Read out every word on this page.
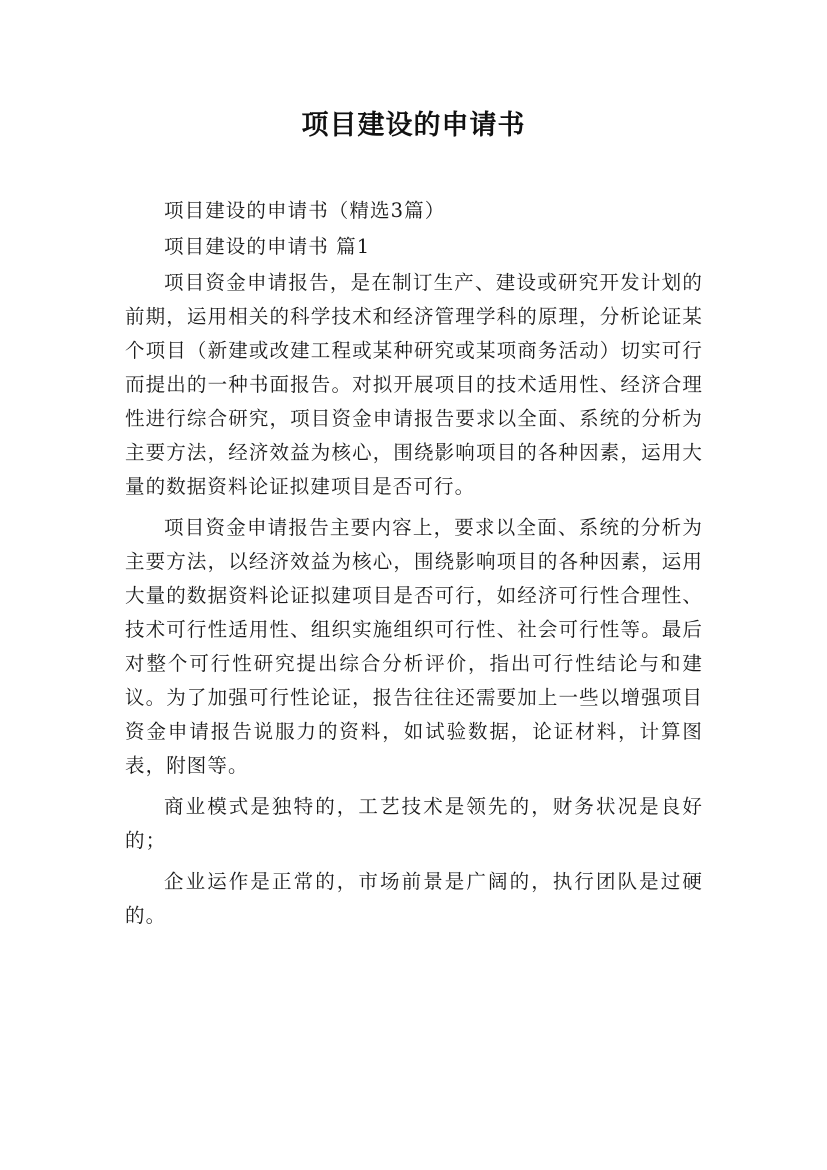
项目建设的申请书

项目建设的申请书（精选3篇）

项目建设的申请书 篇1

项目资金申请报告，是在制订生产、建设或研究开发计划的前期，运用相关的科学技术和经济管理学科的原理，分析论证某个项目（新建或改建工程或某种研究或某项商务活动）切实可行而提出的一种书面报告。对拟开展项目的技术适用性、经济合理性进行综合研究，项目资金申请报告要求以全面、系统的分析为主要方法，经济效益为核心，围绕影响项目的各种因素，运用大量的数据资料论证拟建项目是否可行。

项目资金申请报告主要内容上，要求以全面、系统的分析为主要方法，以经济效益为核心，围绕影响项目的各种因素，运用大量的数据资料论证拟建项目是否可行，如经济可行性合理性、技术可行性适用性、组织实施组织可行性、社会可行性等。最后对整个可行性研究提出综合分析评价，指出可行性结论与和建议。为了加强可行性论证，报告往往还需要加上一些以增强项目资金申请报告说服力的资料，如试验数据，论证材料，计算图表，附图等。

商业模式是独特的，工艺技术是领先的，财务状况是良好的；

企业运作是正常的，市场前景是广阔的，执行团队是过硬的。
